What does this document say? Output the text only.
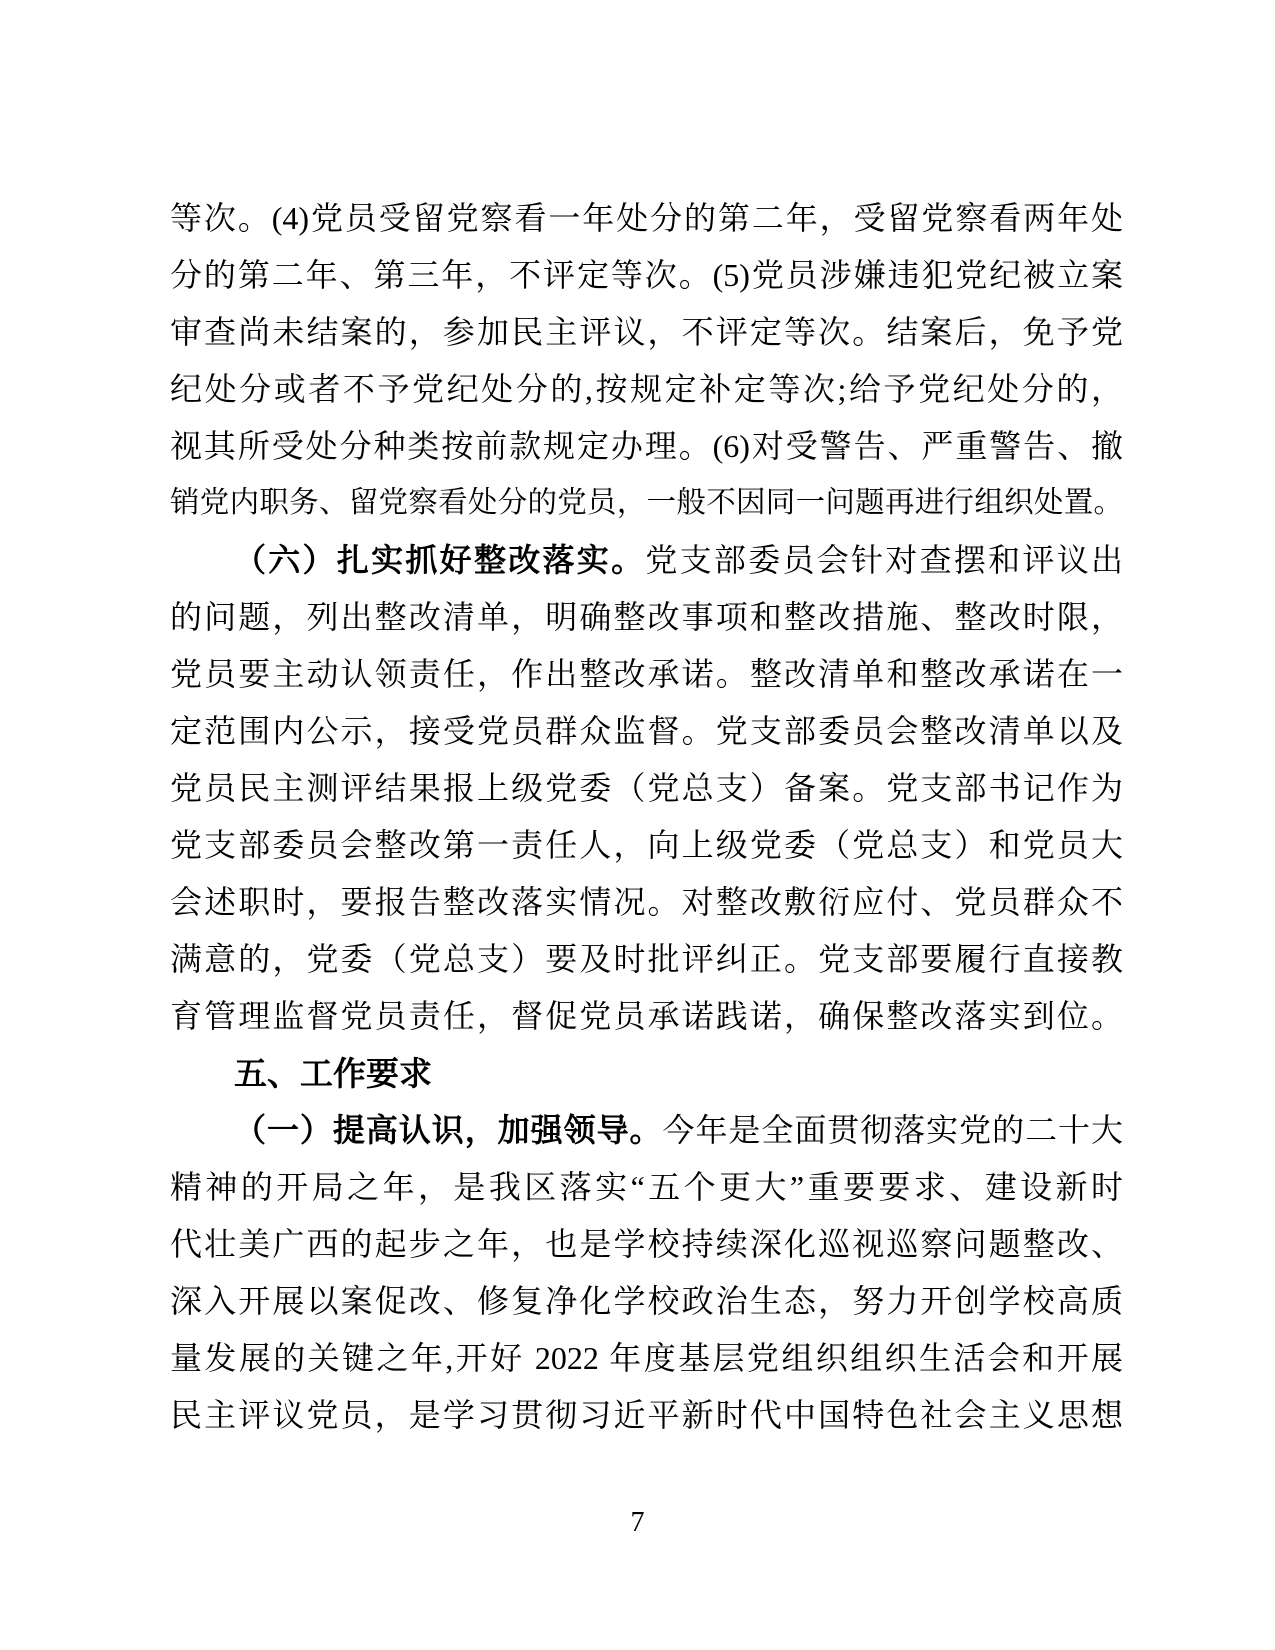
等次。(4)党员受留党察看一年处分的第二年，受留党察看两年处
分的第二年、第三年，不评定等次。(5)党员涉嫌违犯党纪被立案
审查尚未结案的，参加民主评议，不评定等次。结案后，免予党
纪处分或者不予党纪处分的,按规定补定等次;给予党纪处分的，
视其所受处分种类按前款规定办理。(6)对受警告、严重警告、撤
销党内职务、留党察看处分的党员，一般不因同一问题再进行组织处置。
（六）扎实抓好整改落实。党支部委员会针对查摆和评议出
的问题，列出整改清单，明确整改事项和整改措施、整改时限，
党员要主动认领责任，作出整改承诺。整改清单和整改承诺在一
定范围内公示，接受党员群众监督。党支部委员会整改清单以及
党员民主测评结果报上级党委（党总支）备案。党支部书记作为
党支部委员会整改第一责任人，向上级党委（党总支）和党员大
会述职时，要报告整改落实情况。对整改敷衍应付、党员群众不
满意的，党委（党总支）要及时批评纠正。党支部要履行直接教
育管理监督党员责任，督促党员承诺践诺，确保整改落实到位。
五、工作要求
（一）提高认识，加强领导。今年是全面贯彻落实党的二十大
精神的开局之年，是我区落实“五个更大”重要要求、建设新时
代壮美广西的起步之年，也是学校持续深化巡视巡察问题整改、
深入开展以案促改、修复净化学校政治生态，努力开创学校高质
量发展的关键之年,开好 2022 年度基层党组织组织生活会和开展
民主评议党员，是学习贯彻习近平新时代中国特色社会主义思想
7
